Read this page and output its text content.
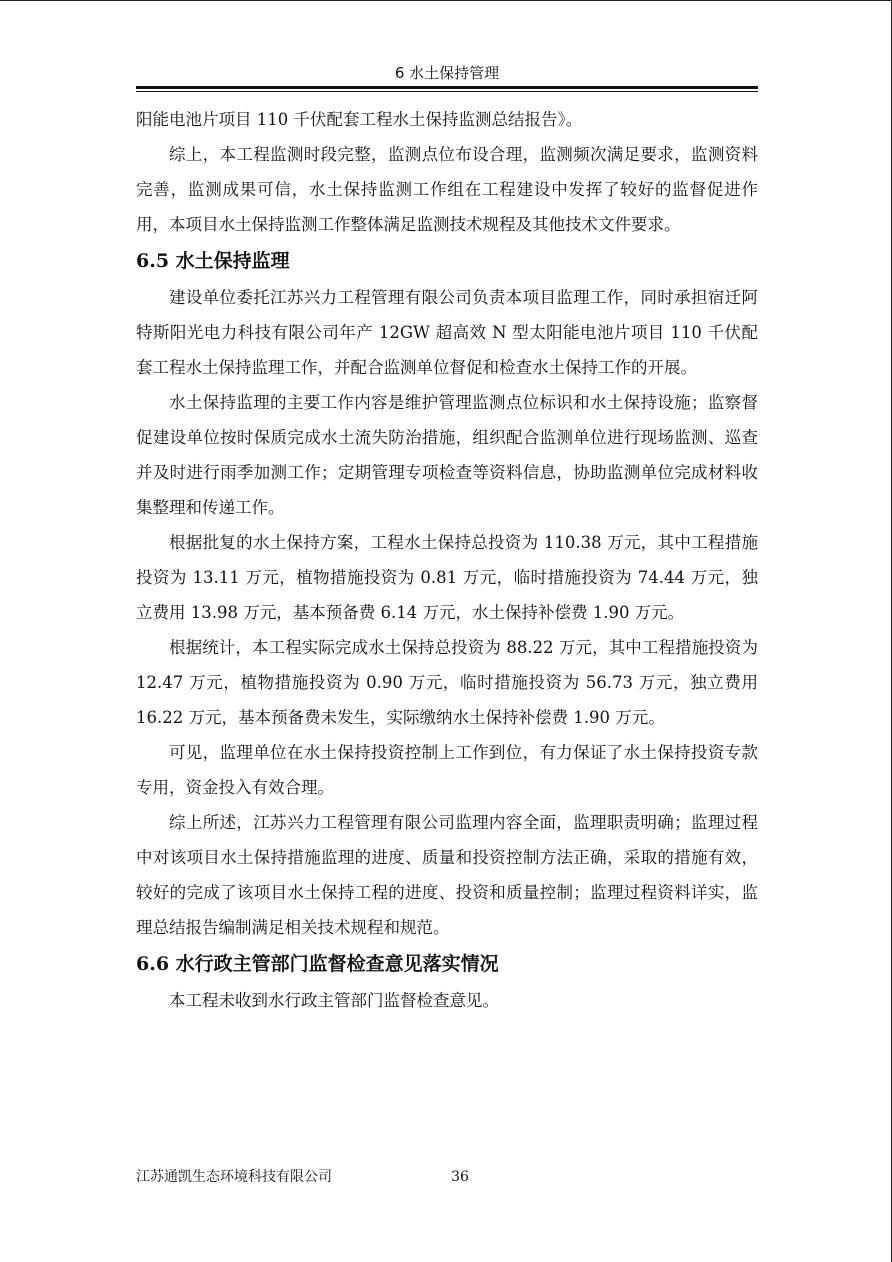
6 水土保持管理

阳能电池片项目 110 千伏配套工程水土保持监测总结报告》。

综上，本工程监测时段完整，监测点位布设合理，监测频次满足要求，监测资料完善，监测成果可信，水土保持监测工作组在工程建设中发挥了较好的监督促进作用，本项目水土保持监测工作整体满足监测技术规程及其他技术文件要求。

6.5 水土保持监理

建设单位委托江苏兴力工程管理有限公司负责本项目监理工作，同时承担宿迁阿特斯阳光电力科技有限公司年产 12GW 超高效 N 型太阳能电池片项目 110 千伏配套工程水土保持监理工作，并配合监测单位督促和检查水土保持工作的开展。

水土保持监理的主要工作内容是维护管理监测点位标识和水土保持设施；监察督促建设单位按时保质完成水土流失防治措施，组织配合监测单位进行现场监测、巡查并及时进行雨季加测工作；定期管理专项检查等资料信息，协助监测单位完成材料收集整理和传递工作。

根据批复的水土保持方案，工程水土保持总投资为 110.38 万元，其中工程措施投资为 13.11 万元，植物措施投资为 0.81 万元，临时措施投资为 74.44 万元，独立费用 13.98 万元，基本预备费 6.14 万元，水土保持补偿费 1.90 万元。

根据统计，本工程实际完成水土保持总投资为 88.22 万元，其中工程措施投资为 12.47 万元，植物措施投资为 0.90 万元，临时措施投资为 56.73 万元，独立费用 16.22 万元，基本预备费未发生，实际缴纳水土保持补偿费 1.90 万元。

可见，监理单位在水土保持投资控制上工作到位，有力保证了水土保持投资专款专用，资金投入有效合理。

综上所述，江苏兴力工程管理有限公司监理内容全面，监理职责明确；监理过程中对该项目水土保持措施监理的进度、质量和投资控制方法正确，采取的措施有效，较好的完成了该项目水土保持工程的进度、投资和质量控制；监理过程资料详实，监理总结报告编制满足相关技术规程和规范。

6.6 水行政主管部门监督检查意见落实情况

本工程未收到水行政主管部门监督检查意见。

江苏通凯生态环境科技有限公司	36
